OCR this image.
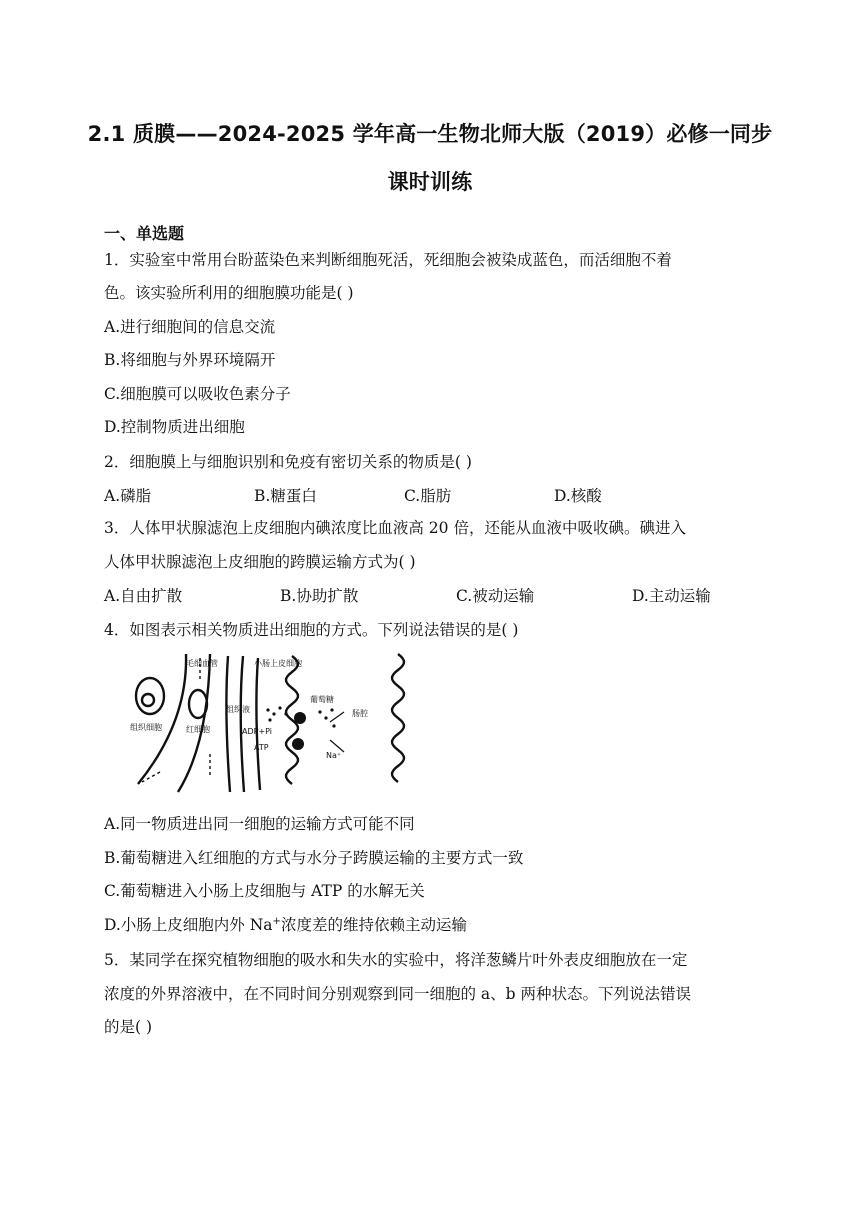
2.1 质膜——2024-2025 学年高一生物北师大版（2019）必修一同步
课时训练
一、单选题
1．实验室中常用台盼蓝染色来判断细胞死活，死细胞会被染成蓝色，而活细胞不着
色。该实验所利用的细胞膜功能是( )
A.进行细胞间的信息交流
B.将细胞与外界环境隔开
C.细胞膜可以吸收色素分子
D.控制物质进出细胞
2．细胞膜上与细胞识别和免疫有密切关系的物质是( )
A.磷脂	B.糖蛋白	C.脂肪	D.核酸
3．人体甲状腺滤泡上皮细胞内碘浓度比血液高 20 倍，还能从血液中吸收碘。碘进入
人体甲状腺滤泡上皮细胞的跨膜运输方式为( )
A.自由扩散	B.协助扩散	C.被动运输	D.主动运输
4．如图表示相关物质进出细胞的方式。下列说法错误的是( )
毛细血管
组织细胞	红细胞
组织液
小肠上皮细胞
葡萄糖
肠腔
ADP+Pi
ATP
Na⁺
A.同一物质进出同一细胞的运输方式可能不同
B.葡萄糖进入红细胞的方式与水分子跨膜运输的主要方式一致
C.葡萄糖进入小肠上皮细胞与 ATP 的水解无关
D.小肠上皮细胞内外 Na+浓度差的维持依赖主动运输
5．某同学在探究植物细胞的吸水和失水的实验中，将洋葱鳞片叶外表皮细胞放在一定
浓度的外界溶液中，在不同时间分别观察到同一细胞的 a、b 两种状态。下列说法错误
的是( )
